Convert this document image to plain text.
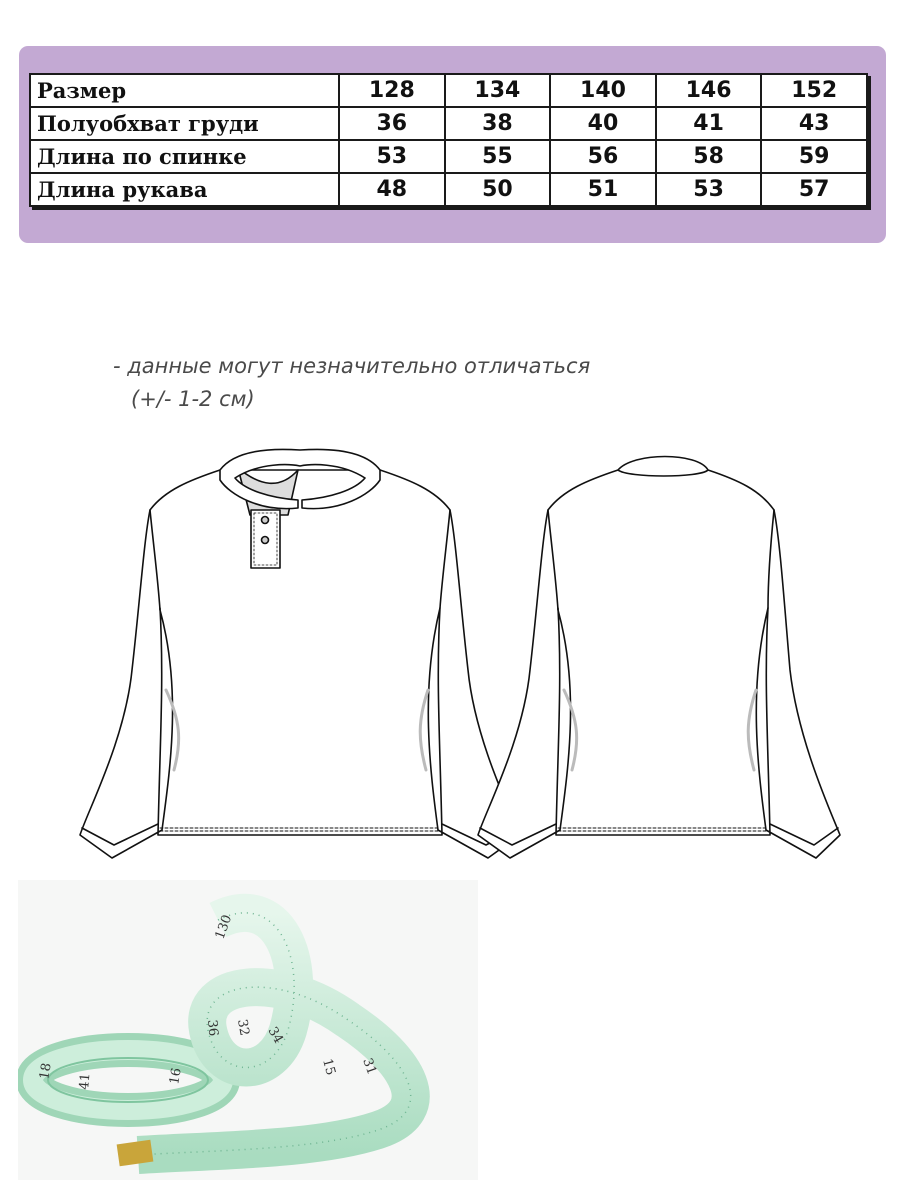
Размер	128	134	140	146	152
Полуобхват груди	36	38	40	41	43
Длина по спинке	53	55	56	58	59
Длина рукава	48	50	51	53	57
- данные могут незначительно отличаться
(+/- 1-2 см)
130
32
31
36	34
18
41	16	15
